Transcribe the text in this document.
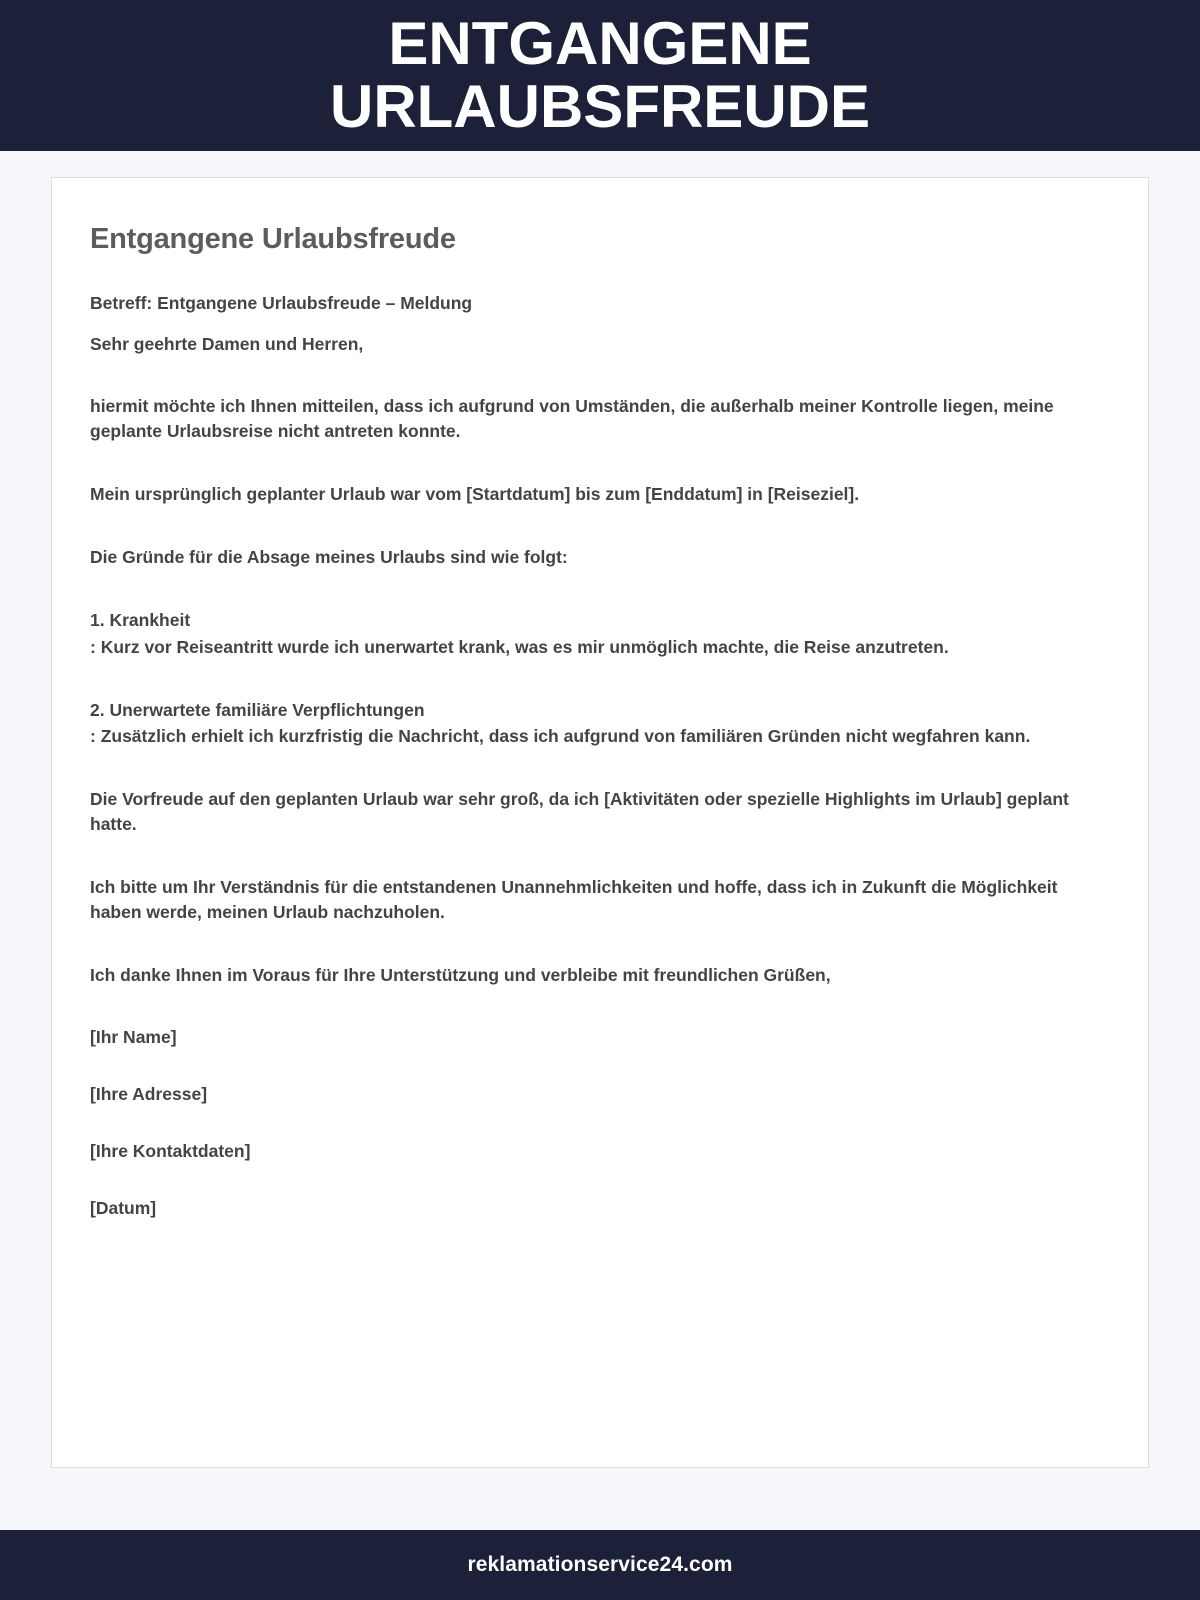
ENTGANGENE URLAUBSFREUDE
Entgangene Urlaubsfreude

Betreff: Entgangene Urlaubsfreude – Meldung

Sehr geehrte Damen und Herren,

hiermit möchte ich Ihnen mitteilen, dass ich aufgrund von Umständen, die außerhalb meiner Kontrolle liegen, meine geplante Urlaubsreise nicht antreten konnte.

Mein ursprünglich geplanter Urlaub war vom [Startdatum] bis zum [Enddatum] in [Reiseziel].

Die Gründe für die Absage meines Urlaubs sind wie folgt:

1. Krankheit

: Kurz vor Reiseantritt wurde ich unerwartet krank, was es mir unmöglich machte, die Reise anzutreten.

2. Unerwartete familiäre Verpflichtungen

: Zusätzlich erhielt ich kurzfristig die Nachricht, dass ich aufgrund von familiären Gründen nicht wegfahren kann.

Die Vorfreude auf den geplanten Urlaub war sehr groß, da ich [Aktivitäten oder spezielle Highlights im Urlaub] geplant hatte.

Ich bitte um Ihr Verständnis für die entstandenen Unannehmlichkeiten und hoffe, dass ich in Zukunft die Möglichkeit haben werde, meinen Urlaub nachzuholen.

Ich danke Ihnen im Voraus für Ihre Unterstützung und verbleibe mit freundlichen Grüßen,

[Ihr Name]

[Ihre Adresse]

[Ihre Kontaktdaten]

[Datum]

reklamationservice24.com
